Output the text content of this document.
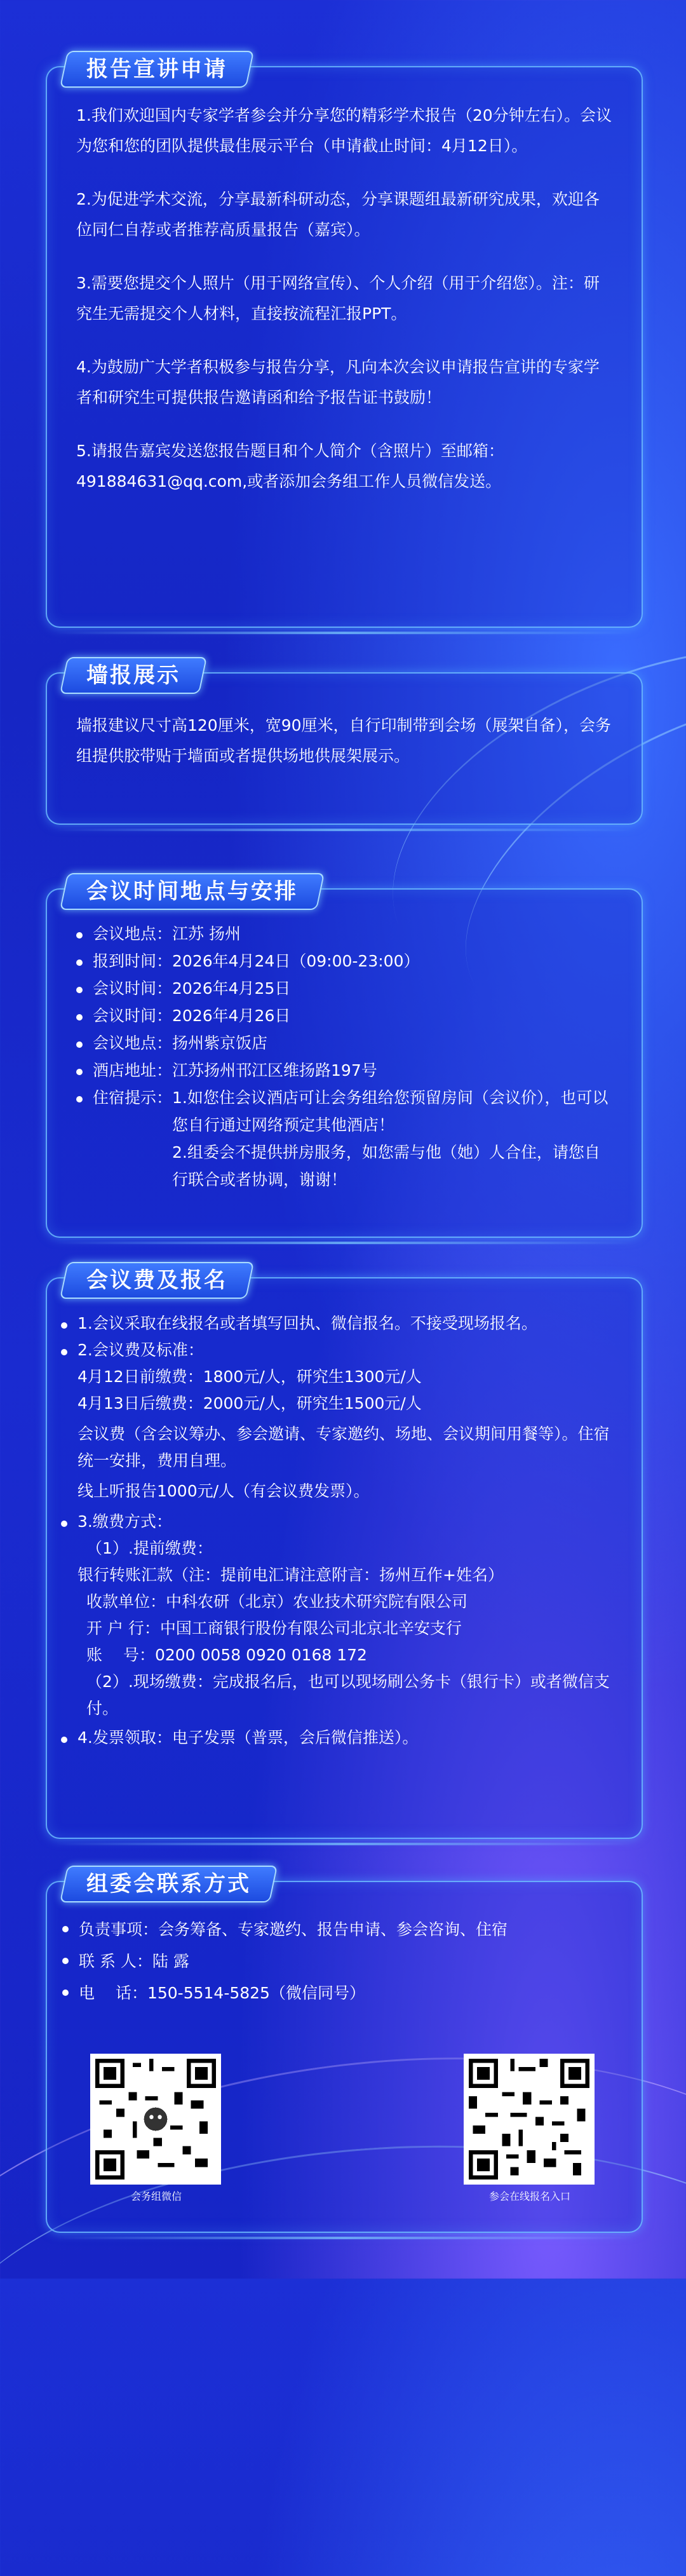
报告宣讲申请

1.我们欢迎国内专家学者参会并分享您的精彩学术报告（20分钟左右）。会议为您和您的团队提供最佳展示平台（申请截止时间：4月12日）。

2.为促进学术交流，分享最新科研动态，分享课题组最新研究成果，欢迎各位同仁自荐或者推荐高质量报告（嘉宾）。

3.需要您提交个人照片（用于网络宣传）、个人介绍（用于介绍您）。注：研究生无需提交个人材料，直接按流程汇报PPT。

4.为鼓励广大学者积极参与报告分享，凡向本次会议申请报告宣讲的专家学者和研究生可提供报告邀请函和给予报告证书鼓励！

5.请报告嘉宾发送您报告题目和个人简介（含照片）至邮箱：491884631@qq.com,或者添加会务组工作人员微信发送。

墙报展示

墙报建议尺寸高120厘米，宽90厘米，自行印制带到会场（展架自备），会务组提供胶带贴于墙面或者提供场地供展架展示。

会议时间地点与安排
会议地点： 江苏 扬州
报到时间： 2026年4月24日（09:00-23:00）
会议时间： 2026年4月25日
会议时间： 2026年4月26日
会议地点： 扬州紫京饭店
酒店地址： 江苏扬州邗江区维扬路197号
住宿提示： 1.如您住会议酒店可让会务组给您预留房间（会议价），也可以您自行通过网络预定其他酒店！
2.组委会不提供拼房服务，如您需与他（她）人合住，请您自行联合或者协调，谢谢！
会议费及报名
1.会议采取在线报名或者填写回执、微信报名。不接受现场报名。
2.会议费及标准：
4月12日前缴费：1800元/人，研究生1300元/人
4月13日后缴费：2000元/人，研究生1500元/人
会议费（含会议筹办、参会邀请、专家邀约、场地、会议期间用餐等）。住宿统一安排，费用自理。
线上听报告1000元/人（有会议费发票）。
3.缴费方式：
（1）.提前缴费：
银行转账汇款（注：提前电汇请注意附言：扬州互作+姓名）
收款单位：中科农研（北京）农业技术研究院有限公司
开 户 行：中国工商银行股份有限公司北京北辛安支行
账　 号：0200 0058 0920 0168 172
（2）.现场缴费：完成报名后，也可以现场刷公务卡（银行卡）或者微信支付。
4.发票领取：电子发票（普票，会后微信推送）。
组委会联系方式
负责事项： 会务筹备、专家邀约、报告申请、参会咨询、住宿
联 系 人： 陆 露
电　 话： 150-5514-5825（微信同号）
会务组微信	参会在线报名入口
